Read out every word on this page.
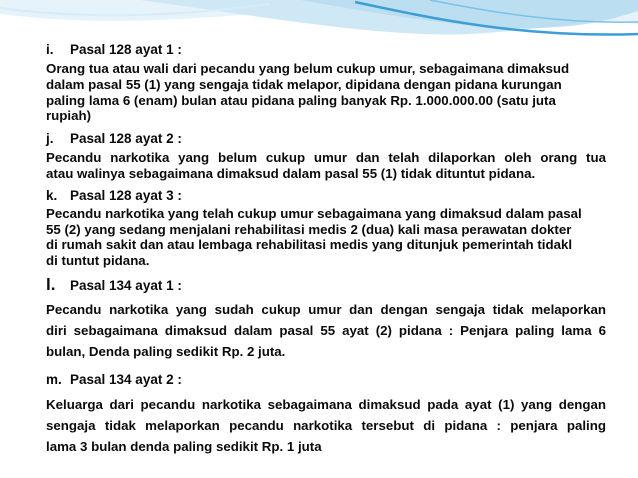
i.	Pasal 128 ayat 1 :

Orang tua atau wali dari pecandu yang belum cukup umur, sebagaimana dimaksud
dalam pasal 55 (1) yang sengaja tidak melapor, dipidana dengan pidana kurungan
paling lama 6 (enam) bulan atau pidana paling banyak Rp. 1.000.000.00 (satu juta
rupiah)

j.	Pasal 128 ayat 2 :

Pecandu narkotika yang belum cukup umur dan telah dilaporkan oleh orang tua
atau walinya sebagaimana dimaksud dalam pasal 55 (1) tidak dituntut pidana.

k. Pasal 128 ayat 3 :

Pecandu narkotika yang telah cukup umur sebagaimana yang dimaksud dalam pasal
55 (2) yang sedang menjalani rehabilitasi medis 2 (dua) kali masa perawatan dokter
di rumah sakit dan atau lembaga rehabilitasi medis yang ditunjuk pemerintah tidakl
di tuntut pidana.

l.	Pasal 134 ayat 1 :

Pecandu narkotika yang sudah cukup umur dan dengan sengaja tidak melaporkan
diri sebagaimana dimaksud dalam pasal 55 ayat (2) pidana : Penjara paling lama 6
bulan, Denda paling sedikit Rp. 2 juta.

m. Pasal 134 ayat 2 :

Keluarga dari pecandu narkotika sebagaimana dimaksud pada ayat (1) yang dengan
sengaja tidak melaporkan pecandu narkotika tersebut di pidana : penjara paling
lama 3 bulan denda paling sedikit Rp. 1 juta
